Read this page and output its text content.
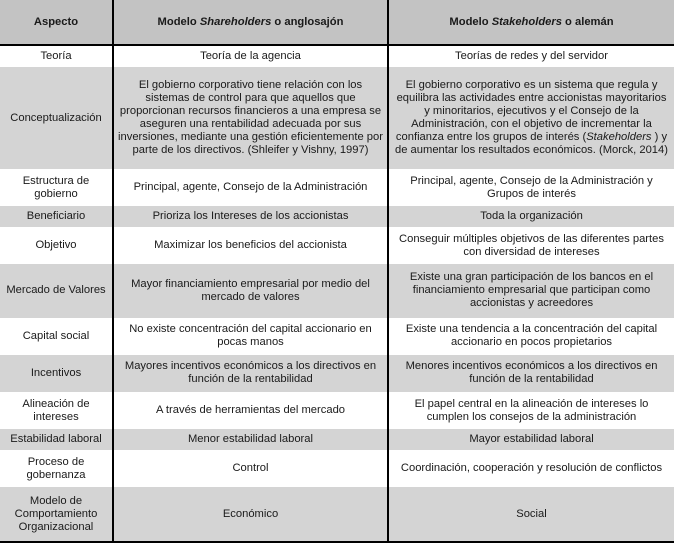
Aspecto	Modelo Shareholders o anglosajón	Modelo Stakeholders o alemán
Teoría	Teoría de la agencia	Teorías de redes y del servidor
Conceptualización	El gobierno corporativo tiene relación con los sistemas de control para que aquellos que proporcionan recursos financieros a una empresa se aseguren una rentabilidad adecuada por sus inversiones, mediante una gestión eficientemente por parte de los directivos. (Shleifer y Vishny, 1997)	El gobierno corporativo es un sistema que regula y equilibra las actividades entre accionistas mayoritarios y minoritarios, ejecutivos y el Consejo de la Administración, con el objetivo de incrementar la confianza entre los grupos de interés (Stakeholders ) y de aumentar los resultados económicos. (Morck, 2014)
Estructura de gobierno	Principal, agente, Consejo de la Administración	Principal, agente, Consejo de la Administración y Grupos de interés
Beneficiario	Prioriza los Intereses de los accionistas	Toda la organización
Objetivo	Maximizar los beneficios del accionista	Conseguir múltiples objetivos de las diferentes partes con diversidad de intereses
Mercado de Valores	Mayor financiamiento empresarial por medio del mercado de valores	Existe una gran participación de los bancos en el financiamiento empresarial que participan como accionistas y acreedores
Capital social	No existe concentración del capital accionario en pocas manos	Existe una tendencia a la concentración del capital accionario en pocos propietarios
Incentivos	Mayores incentivos económicos a los directivos en función de la rentabilidad	Menores incentivos económicos a los directivos en función de la rentabilidad
Alineación de intereses	A través de herramientas del mercado	El papel central en la alineación de intereses lo cumplen los consejos de la administración
Estabilidad laboral	Menor estabilidad laboral	Mayor estabilidad laboral
Proceso de gobernanza	Control	Coordinación, cooperación y resolución de conflictos
Modelo de Comportamiento Organizacional	Económico	Social
